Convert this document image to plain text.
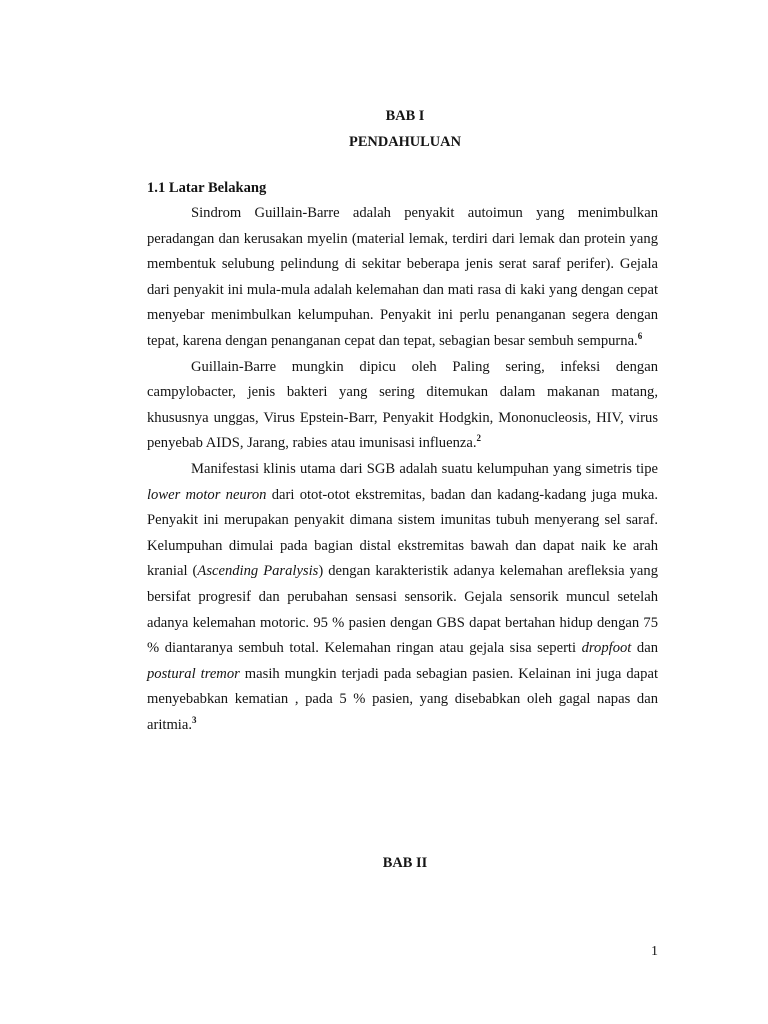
BAB I
PENDAHULUAN
1.1 Latar Belakang

Sindrom Guillain-Barre adalah penyakit autoimun yang menimbulkan peradangan dan kerusakan myelin (material lemak, terdiri dari lemak dan protein yang membentuk selubung pelindung di sekitar beberapa jenis serat saraf perifer). Gejala dari penyakit ini mula-mula adalah kelemahan dan mati rasa di kaki yang dengan cepat menyebar menimbulkan kelumpuhan. Penyakit ini perlu penanganan segera dengan tepat, karena dengan penanganan cepat dan tepat, sebagian besar sembuh sempurna.$^6$

Guillain-Barre mungkin dipicu oleh Paling sering, infeksi dengan campylobacter, jenis bakteri yang sering ditemukan dalam makanan matang, khususnya unggas, Virus Epstein-Barr, Penyakit Hodgkin, Mononucleosis, HIV, virus penyebab AIDS, Jarang, rabies atau imunisasi influenza.$^2$

Manifestasi klinis utama dari SGB adalah suatu kelumpuhan yang simetris tipe lower motor neuron dari otot-otot ekstremitas, badan dan kadang-kadang juga muka. Penyakit ini merupakan penyakit dimana sistem imunitas tubuh menyerang sel saraf. Kelumpuhan dimulai pada bagian distal ekstremitas bawah dan dapat naik ke arah kranial (Ascending Paralysis) dengan karakteristik adanya kelemahan arefleksia yang bersifat progresif dan perubahan sensasi sensorik. Gejala sensorik muncul setelah adanya kelemahan motoric. 95 % pasien dengan GBS dapat bertahan hidup dengan 75 % diantaranya sembuh total. Kelemahan ringan atau gejala sisa seperti dropfoot dan postural tremor masih mungkin terjadi pada sebagian pasien. Kelainan ini juga dapat menyebabkan kematian , pada 5 % pasien, yang disebabkan oleh gagal napas dan aritmia.$^3$

BAB II
1
